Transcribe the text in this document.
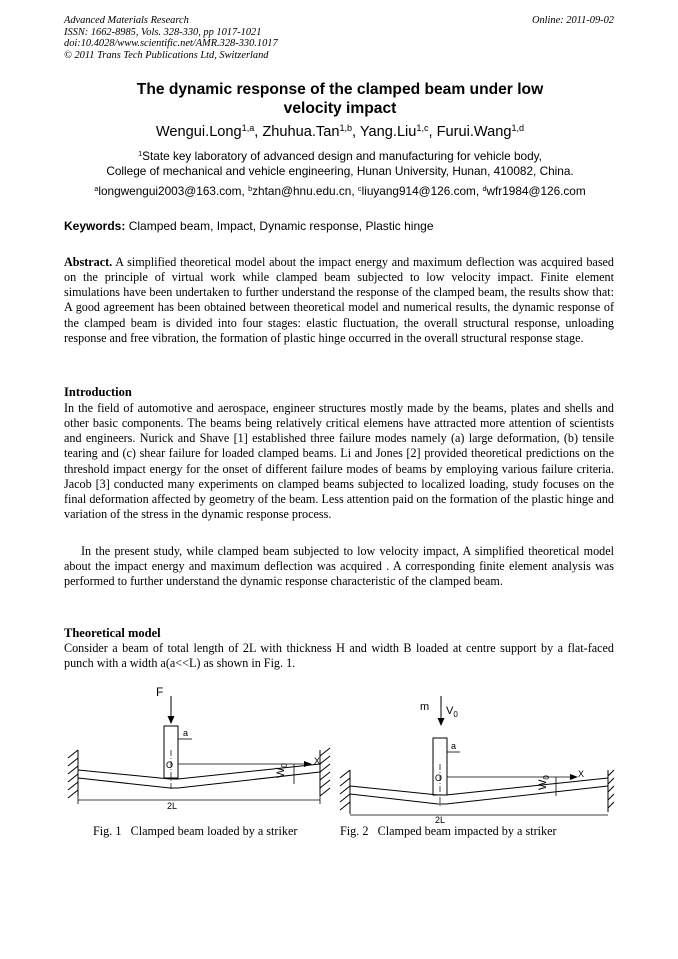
Advanced Materials Research
ISSN: 1662-8985, Vols. 328-330, pp 1017-1021
doi:10.4028/www.scientific.net/AMR.328-330.1017
© 2011 Trans Tech Publications Ltd, Switzerland
Online: 2011-09-02
The dynamic response of the clamped beam under low
velocity impact
Wengui.Long$^{1,a}$, Zhuhua.Tan$^{1,b}$, Yang.Liu$^{1,c}$, Furui.Wang$^{1,d}$
$^1$State key laboratory of advanced design and manufacturing for vehicle body,
College of mechanical and vehicle engineering, Hunan University, Hunan, 410082, China.
$^a$longwengui2003@163.com, $^b$zhtan@hnu.edu.cn, $^c$liuyang914@126.com, $^d$wfr1984@126.com
Keywords: Clamped beam, Impact, Dynamic response, Plastic hinge
Abstract. A simplified theoretical model about the impact energy and maximum deflection was acquired based on the principle of virtual work while clamped beam subjected to low velocity impact. Finite element simulations have been undertaken to further understand the response of the clamped beam, the results show that: A good agreement has been obtained between theoretical model and numerical results, the dynamic response of the clamped beam is divided into four stages: elastic fluctuation, the overall structural response, unloading response and free vibration, the formation of plastic hinge occurred in the overall structural response stage.
Introduction
In the field of automotive and aerospace, engineer structures mostly made by the beams, plates and shells and other basic components. The beams being relatively critical elemens have attracted more attention of scientists and engineers. Nurick and Shave [1] established three failure modes namely (a) large deformation, (b) tensile tearing and (c) shear failure for loaded clamped beams. Li and Jones [2] provided theoretical predictions on the threshold impact energy for the onset of different failure modes of beams by employing various failure criteria. Jacob [3] conducted many experiments on clamped beams subjected to localized loading, study focuses on the final deformation affected by geometry of the beam. Less attention paid on the formation of the plastic hinge and variation of the stress in the dynamic response process.
In the present study, while clamped beam subjected to low velocity impact, A simplified theoretical model about the impact energy and maximum deflection was acquired . A corresponding finite element analysis was performed to further understand the dynamic response characteristic of the clamped beam.
Theoretical model
Consider a beam of total length of 2L with thickness H and width B loaded at centre support by a flat-faced punch with a width a(a<<L) as shown in Fig. 1.
F
a
O	X
$W_0$
2L
Fig. 1   Clamped beam loaded by a striker
m $V_0$
a
O	X
$W_0$
2L
Fig. 2   Clamped beam impacted by a striker
